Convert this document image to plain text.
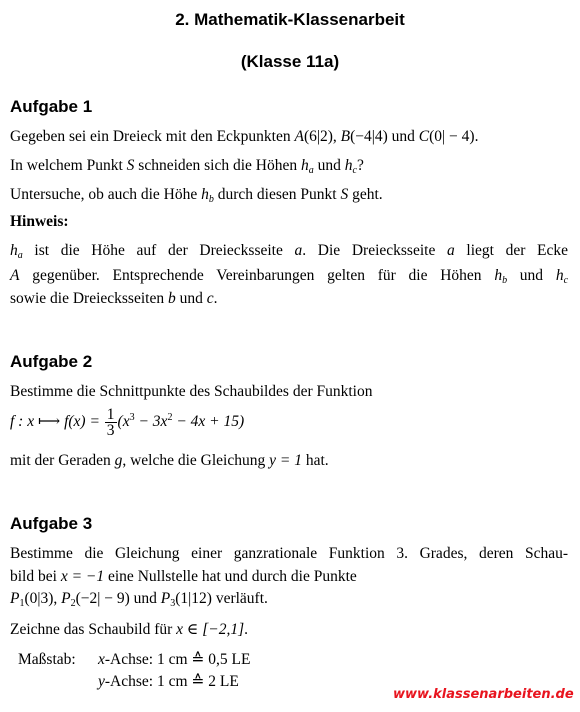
2. Mathematik-Klassenarbeit
(Klasse 11a)
Aufgabe 1
Gegeben sei ein Dreieck mit den Eckpunkten A(6|2), B(−4|4) und C(0| − 4).
In welchem Punkt S schneiden sich die Höhen $h_a$ und $h_c$?
Untersuche, ob auch die Höhe $h_b$ durch diesen Punkt S geht.
Hinweis:
$h_a$ ist die Höhe auf der Dreiecksseite a. Die Dreiecksseite a liegt der Ecke
A gegenüber. Entsprechende Vereinbarungen gelten für die Höhen $h_b$ und $h_c$
sowie die Dreiecksseiten b und c.
Aufgabe 2
Bestimme die Schnittpunkte des Schaubildes der Funktion
f : x ⟼ $f(x) = \frac{1}{3} (x^3 - 3x^2 - 4x + 15)$
mit der Geraden g, welche die Gleichung y = 1 hat.
Aufgabe 3
Bestimme die Gleichung einer ganzrationale Funktion 3. Grades, deren Schau-
bild bei x = −1 eine Nullstelle hat und durch die Punkte
$P_1(0|3)$, $P_2(-2| - 9)$ und $P_3(1|12)$ verläuft.
Zeichne das Schaubild für x ∈ [−2,1].
Maßstab: x-Achse: 1 cm ≙ 0,5 LE
y-Achse: 1 cm ≙ 2 LE
www.klassenarbeiten.de
